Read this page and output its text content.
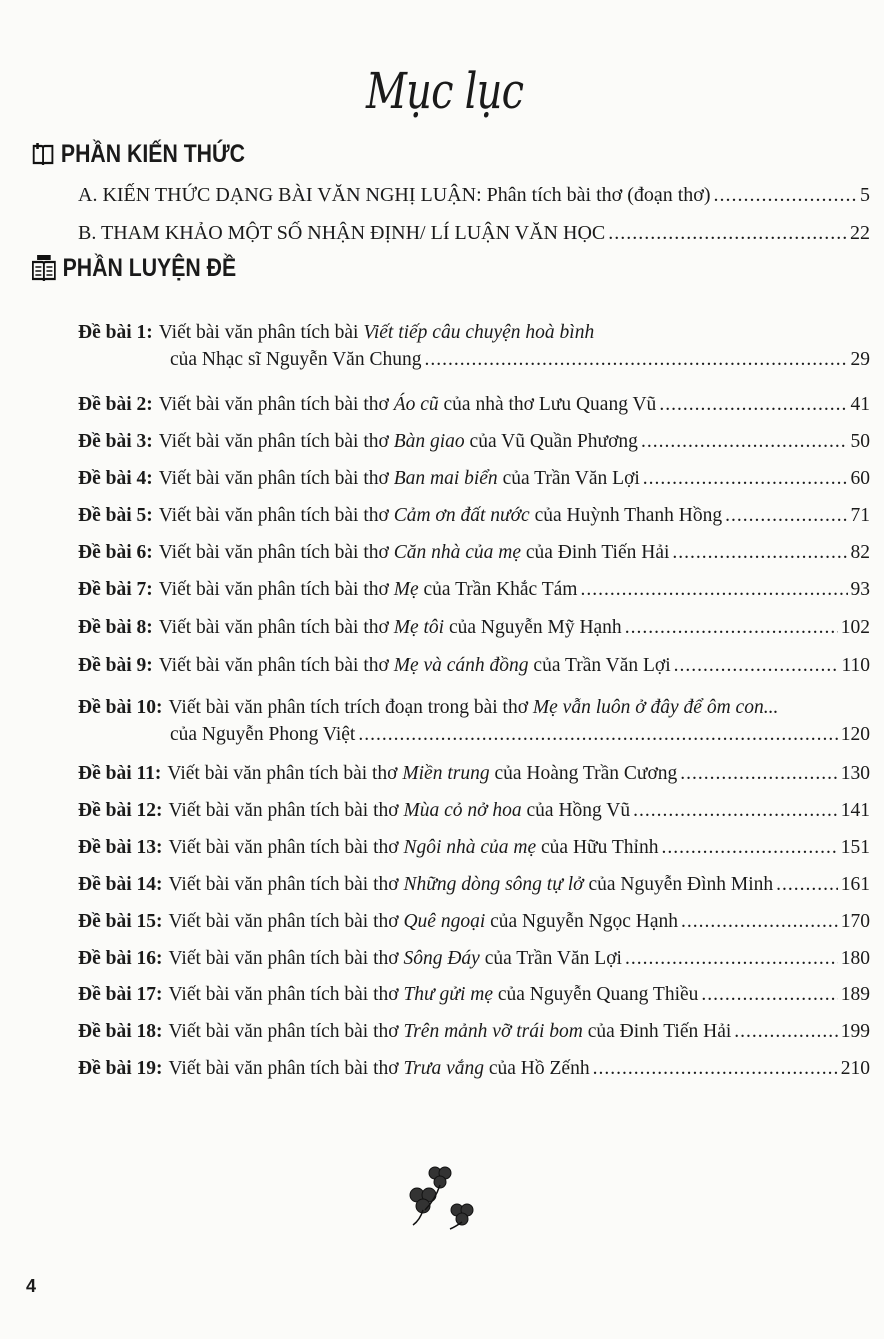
Mục lục
PHẦN KIẾN THỨC
A. KIẾN THỨC DẠNG BÀI VĂN NGHỊ LUẬN: Phân tích bài thơ (đoạn thơ) .....	5
B. THAM KHẢO MỘT SỐ NHẬN ĐỊNH/ LÍ LUẬN VĂN HỌC .....	22
PHẦN LUYỆN ĐỀ
Đề bài 1: Viết bài văn phân tích bài Viết tiếp câu chuyện hoà bình
của Nhạc sĩ Nguyễn Văn Chung .....	29
Đề bài 2: Viết bài văn phân tích bài thơ Áo cũ của nhà thơ Lưu Quang Vũ .....	41
Đề bài 3: Viết bài văn phân tích bài thơ Bàn giao của Vũ Quần Phương .....	50
Đề bài 4: Viết bài văn phân tích bài thơ Ban mai biển của Trần Văn Lợi .....	60
Đề bài 5: Viết bài văn phân tích bài thơ Cảm ơn đất nước của Huỳnh Thanh Hồng .....	71
Đề bài 6: Viết bài văn phân tích bài thơ Căn nhà của mẹ của Đinh Tiến Hải .....	82
Đề bài 7: Viết bài văn phân tích bài thơ Mẹ của Trần Khắc Tám .....	93
Đề bài 8: Viết bài văn phân tích bài thơ Mẹ tôi của Nguyễn Mỹ Hạnh .....	102
Đề bài 9: Viết bài văn phân tích bài thơ Mẹ và cánh đồng của Trần Văn Lợi .....	110
Đề bài 10: Viết bài văn phân tích trích đoạn trong bài thơ Mẹ vẫn luôn ở đây để ôm con...
của Nguyễn Phong Việt .....	120
Đề bài 11: Viết bài văn phân tích bài thơ Miền trung của Hoàng Trần Cương .....	130
Đề bài 12: Viết bài văn phân tích bài thơ Mùa cỏ nở hoa của Hồng Vũ .....	141
Đề bài 13: Viết bài văn phân tích bài thơ Ngôi nhà của mẹ của Hữu Thỉnh .....	151
Đề bài 14: Viết bài văn phân tích bài thơ Những dòng sông tự lở của Nguyễn Đình Minh .....	161
Đề bài 15: Viết bài văn phân tích bài thơ Quê ngoại của Nguyễn Ngọc Hạnh .....	170
Đề bài 16: Viết bài văn phân tích bài thơ Sông Đáy của Trần Văn Lợi .....	180
Đề bài 17: Viết bài văn phân tích bài thơ Thư gửi mẹ của Nguyễn Quang Thiều .....	189
Đề bài 18: Viết bài văn phân tích bài thơ Trên mảnh vỡ trái bom của Đinh Tiến Hải .....	199
Đề bài 19: Viết bài văn phân tích bài thơ Trưa vắng của Hồ Zếnh .....	210
4
